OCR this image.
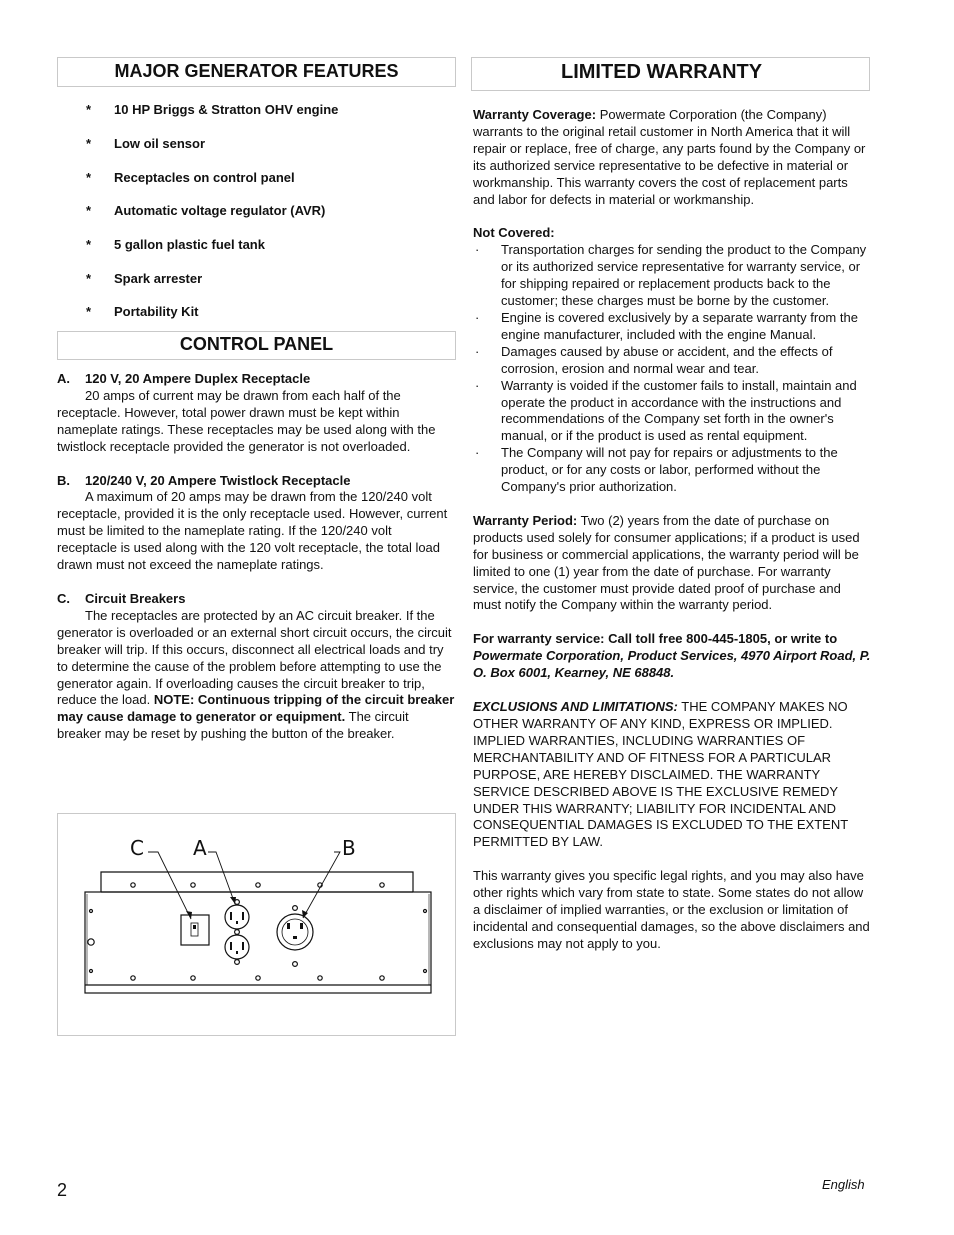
MAJOR GENERATOR FEATURES
* 10 HP Briggs & Stratton OHV engine
* Low oil sensor
* Receptacles on control panel
* Automatic voltage regulator (AVR)
* 5 gallon plastic fuel tank
* Spark arrester
* Portability Kit
CONTROL PANEL
A. 120 V, 20 Ampere Duplex Receptacle
20 amps of current may be drawn from each half of the receptacle. However, total power drawn must be kept within nameplate ratings. These receptacles may be used along with the twistlock receptacle provided the generator is not overloaded.
B. 120/240 V, 20 Ampere Twistlock Receptacle
A maximum of 20 amps may be drawn from the 120/240 volt receptacle, provided it is the only receptacle used. However, current must be limited to the nameplate rating. If the 120/240 volt receptacle is used along with the 120 volt receptacle, the total load drawn must not exceed the nameplate ratings.
C. Circuit Breakers
The receptacles are protected by an AC circuit breaker. If the generator is overloaded or an external short circuit occurs, the circuit breaker will trip. If this occurs, disconnect all electrical loads and try to determine the cause of the problem before attempting to use the generator again. If overloading causes the circuit breaker to trip, reduce the load. NOTE: Continuous tripping of the circuit breaker may cause damage to generator or equipment. The circuit breaker may be reset by pushing the button of the breaker.
C A	B
LIMITED WARRANTY
Warranty Coverage: Powermate Corporation (the Company) warrants to the original retail customer in North America that it will repair or replace, free of charge, any parts found by the Company or its authorized service representative to be defective in material or workmanship. This warranty covers the cost of replacement parts and labor for defects in material or workmanship.
Not Covered:
· Transportation charges for sending the product to the Company or its authorized service representative for warranty service, or for shipping repaired or replacement products back to the customer; these charges must be borne by the customer.
· Engine is covered exclusively by a separate warranty from the engine manufacturer, included with the engine Manual.
· Damages caused by abuse or accident, and the effects of corrosion, erosion and normal wear and tear.
· Warranty is voided if the customer fails to install, maintain and operate the product in accordance with the instructions and recommendations of the Company set forth in the owner's manual, or if the product is used as rental equipment.
· The Company will not pay for repairs or adjustments to the product, or for any costs or labor, performed without the Company's prior authorization.
Warranty Period: Two (2) years from the date of purchase on products used solely for consumer applications; if a product is used for business or commercial applications, the warranty period will be limited to one (1) year from the date of purchase. For warranty service, the customer must provide dated proof of purchase and must notify the Company within the warranty period.
For warranty service: Call toll free 800-445-1805, or write to Powermate Corporation, Product Services, 4970 Airport Road, P. O. Box 6001, Kearney, NE 68848.
EXCLUSIONS AND LIMITATIONS: THE COMPANY MAKES NO OTHER WARRANTY OF ANY KIND, EXPRESS OR IMPLIED. IMPLIED WARRANTIES, INCLUDING WARRANTIES OF MERCHANTABILITY AND OF FITNESS FOR A PARTICULAR PURPOSE, ARE HEREBY DISCLAIMED. THE WARRANTY SERVICE DESCRIBED ABOVE IS THE EXCLUSIVE REMEDY UNDER THIS WARRANTY; LIABILITY FOR INCIDENTAL AND CONSEQUENTIAL DAMAGES IS EXCLUDED TO THE EXTENT PERMITTED BY LAW.
This warranty gives you specific legal rights, and you may also have other rights which vary from state to state. Some states do not allow a disclaimer of implied warranties, or the exclusion or limitation of incidental and consequential damages, so the above disclaimers and exclusions may not apply to you.
2	English
